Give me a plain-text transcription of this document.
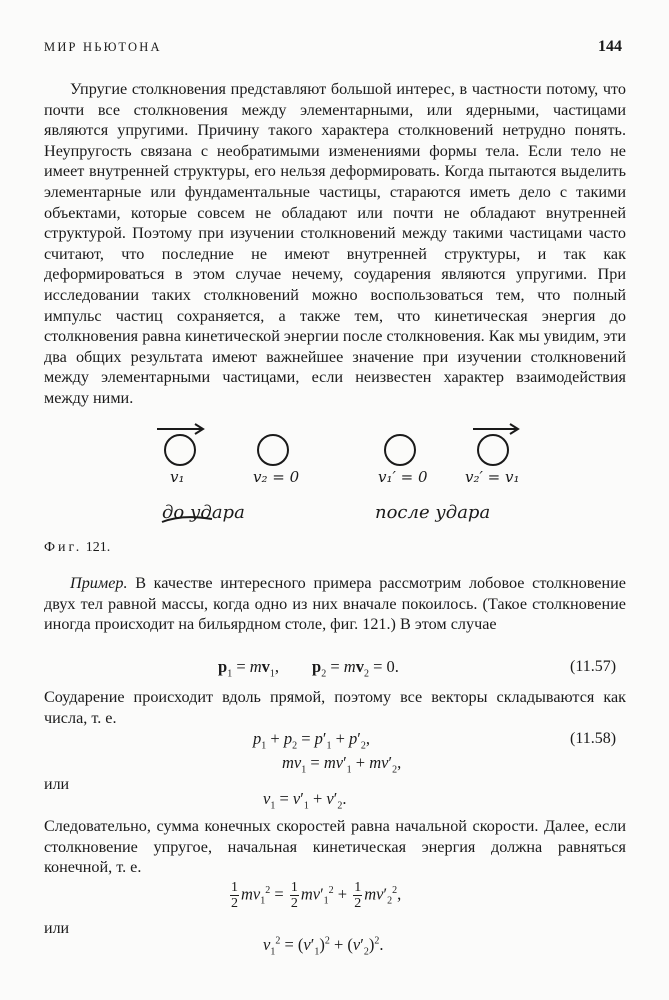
МИР НЬЮТОНА	144

Упругие столкновения представляют большой интерес, в частности потому, что почти все столкновения между элементарными, или ядерными, частицами являются упругими. Причину такого характера столкновений нетрудно понять. Неупругость связана с необратимыми изменениями формы тела. Если тело не имеет внутренней структуры, его нельзя деформировать. Когда пытаются выделить элементарные или фундаментальные частицы, стараются иметь дело с такими объектами, которые совсем не обладают или почти не обладают внутренней структурой. Поэтому при изучении столкновений между такими частицами часто считают, что последние не имеют внутренней структуры, и так как деформироваться в этом случае нечему, соударения являются упругими. При исследовании таких столкновений можно воспользоваться тем, что полный импульс частиц сохраняется, а также тем, что кинетическая энергия до столкновения равна кинетической энергии после столкновения. Как мы увидим, эти два общих результата имеют важнейшее значение при изучении столкновений между элементарными частицами, если неизвестен характер взаимодействия между ними.

v₁	v₂ = 0	v₁′ = 0 v₂′ = v₁
до удара	после удара
Фиг. 121.

Пример. В качестве интересного примера рассмотрим лобовое столкновение двух тел равной массы, когда одно из них вначале покоилось. (Такое столкновение иногда происходит на бильярдном столе, фиг. 121.) В этом случае

$p_1 = mv_1$,        $p_2 = mv_2 = 0$.	(11.57)

Соударение происходит вдоль прямой, поэтому все векторы складываются как числа, т. е.

$p_1 + p_2 = p'_1 + p'_2$,	(11.58)
$mv_1 = mv'_1 + mv'_2$,
или
$v_1 = v'_1 + v'_2$.

Следовательно, сумма конечных скоростей равна начальной скорости. Далее, если столкновение упругое, начальная кинетическая энергия должна равняться конечной, т. е.

$\frac{1}{2} mv_1^2 = \frac{1}{2} mv'_1^2 + \frac{1}{2} mv'_2^2$,
или
$v_1^2 = (v'_1)^2 + (v'_2)^2$.
